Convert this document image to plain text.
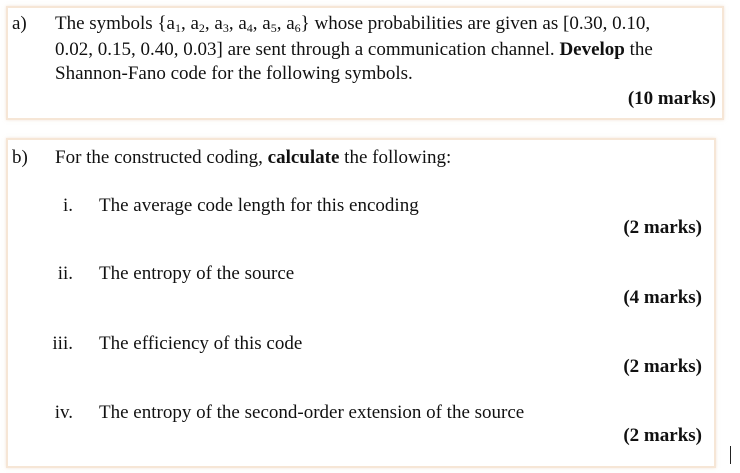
a) The symbols {$a_1$, $a_2$, $a_3$, $a_4$, $a_5$, $a_6$} whose probabilities are given as [0.30, 0.10,
0.02, 0.15, 0.40, 0.03] are sent through a communication channel. Develop the
Shannon-Fano code for the following symbols.
(10 marks)
b) For the constructed coding, calculate the following:
i. The average code length for this encoding
(2 marks)
ii. The entropy of the source
(4 marks)
iii. The efficiency of this code
(2 marks)
iv. The entropy of the second-order extension of the source
(2 marks)
